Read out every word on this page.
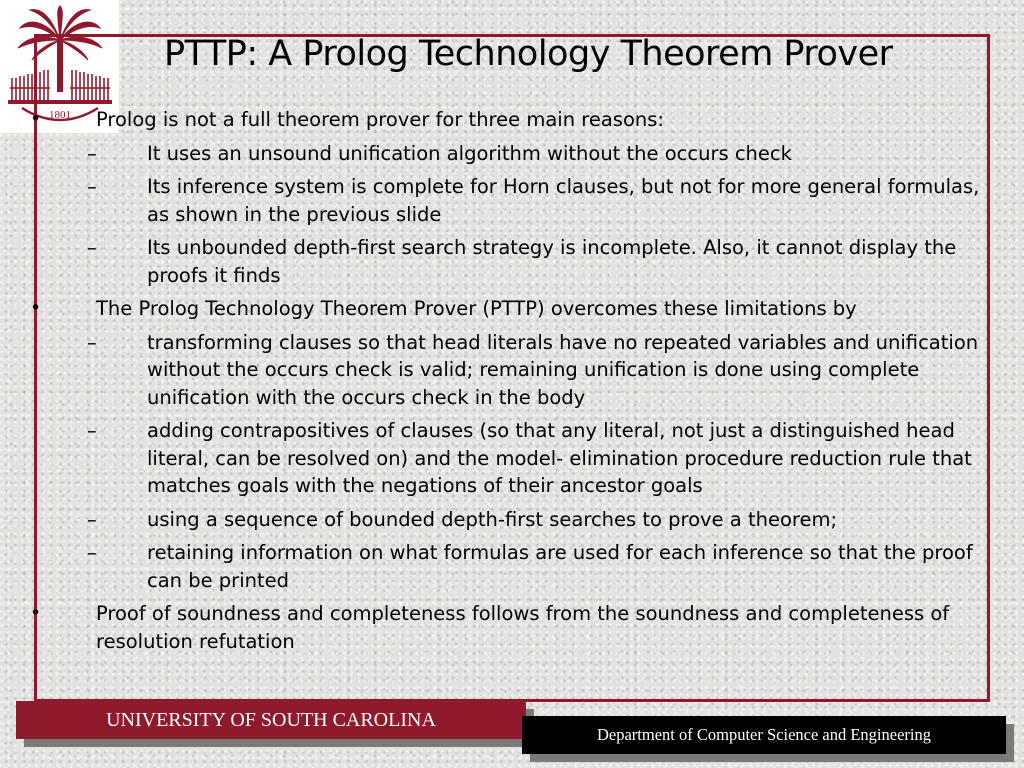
1801
PTTP: A Prolog Technology Theorem Prover
•	Prolog is not a full theorem prover for three main reasons:
–	It uses an unsound unification algorithm without the occurs check
–	Its inference system is complete for Horn clauses, but not for more general formulas, as shown in the previous slide
–	Its unbounded depth-first search strategy is incomplete. Also, it cannot display the proofs it finds
•	The Prolog Technology Theorem Prover (PTTP) overcomes these limitations by
–	transforming clauses so that head literals have no repeated variables and unification without the occurs check is valid; remaining unification is done using complete unification with the occurs check in the body
–	adding contrapositives of clauses (so that any literal, not just a distinguished head literal, can be resolved on) and the model- elimination procedure reduction rule that matches goals with the negations of their ancestor goals
–	using a sequence of bounded depth-first searches to prove a theorem;
–	retaining information on what formulas are used for each inference so that the proof can be printed
•	Proof of soundness and completeness follows from the soundness and completeness of resolution refutation
UNIVERSITY OF SOUTH CAROLINA
Department of Computer Science and Engineering
